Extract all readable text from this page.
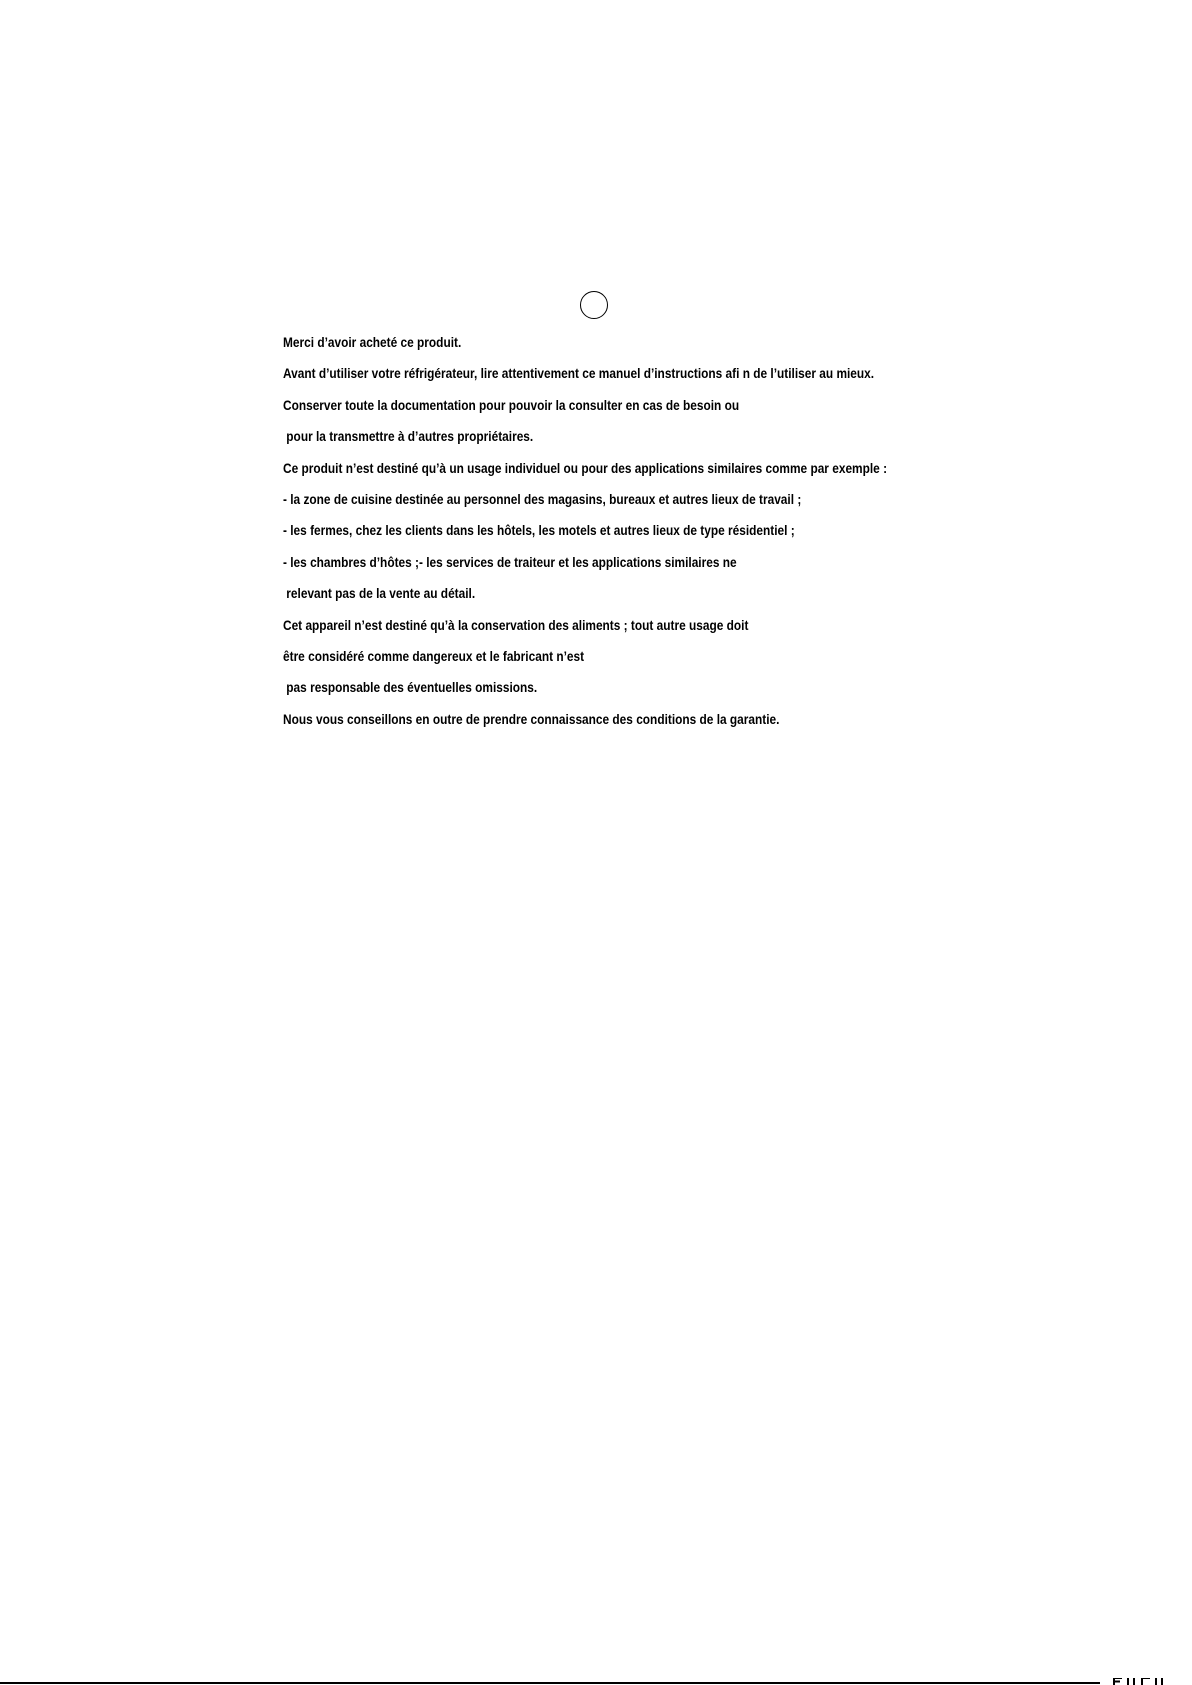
Merci d’avoir acheté ce produit.
Avant d’utiliser votre réfrigérateur, lire attentivement ce manuel d’instructions afi n de l’utiliser au mieux.
Conserver toute la documentation pour pouvoir la consulter en cas de besoin ou
pour la transmettre à d’autres propriétaires.
Ce produit n’est destiné qu’à un usage individuel ou pour des applications similaires comme par exemple :
- la zone de cuisine destinée au personnel des magasins, bureaux et autres lieux de travail ;
- les fermes, chez les clients dans les hôtels, les motels et autres lieux de type résidentiel ;
- les chambres d’hôtes ;- les services de traiteur et les applications similaires ne
relevant pas de la vente au détail.
Cet appareil n’est destiné qu’à la conservation des aliments ; tout autre usage doit
être considéré comme dangereux et le fabricant n’est
pas responsable des éventuelles omissions.
Nous vous conseillons en outre de prendre connaissance des conditions de la garantie.
